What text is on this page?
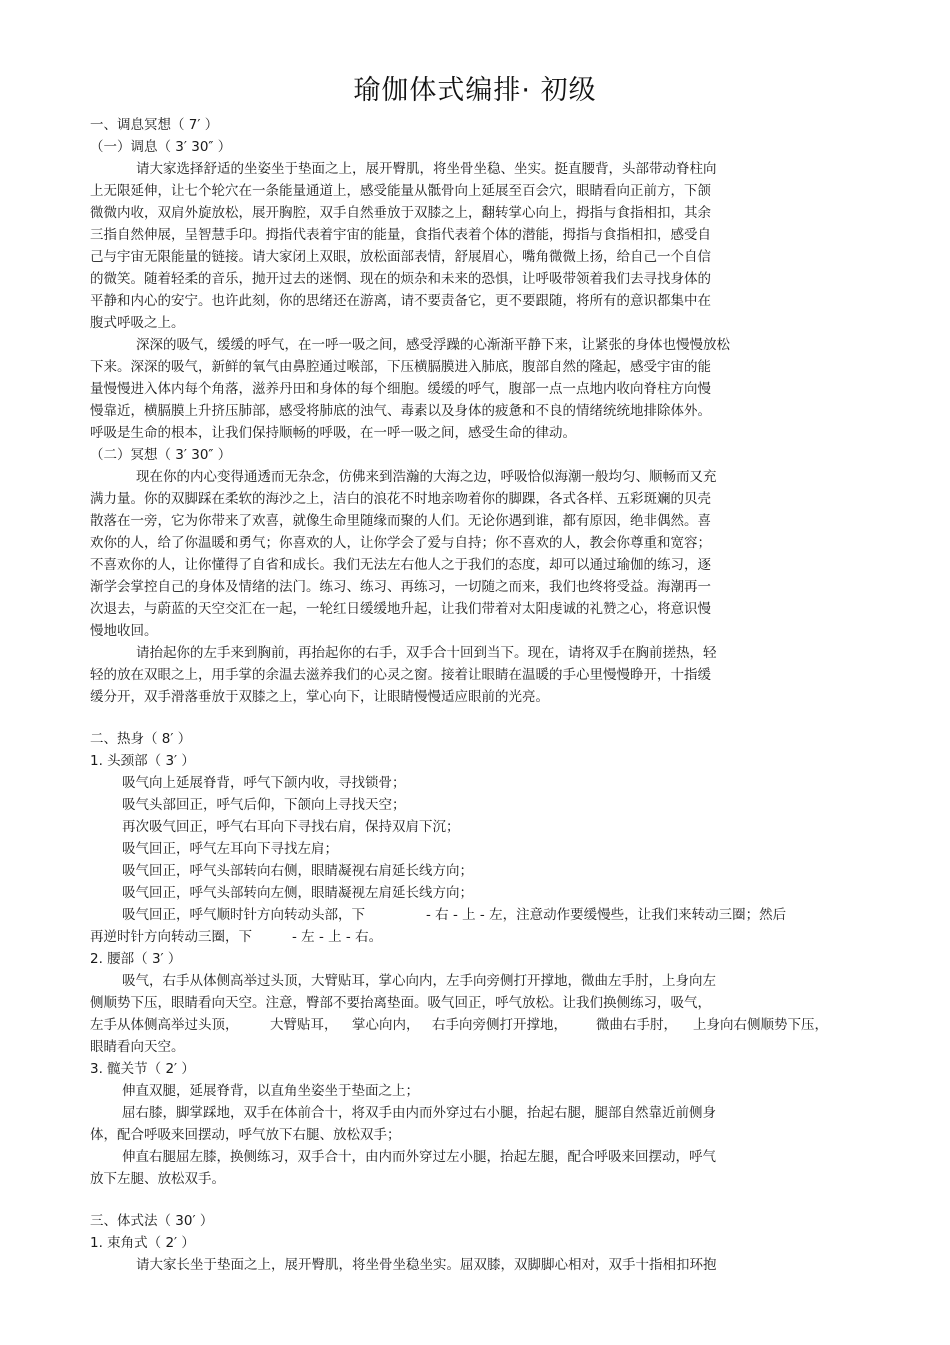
瑜伽体式编排· 初级
一、调息冥想（ 7′ ）
（一）调息（ 3′ 30″ ）
请大家选择舒适的坐姿坐于垫面之上，展开臀肌，将坐骨坐稳、坐实。挺直腰背，头部带动脊柱向
上无限延伸，让七个轮穴在一条能量通道上，感受能量从骶骨向上延展至百会穴，眼睛看向正前方，下颌
微微内收，双肩外旋放松，展开胸腔，双手自然垂放于双膝之上，翻转掌心向上，拇指与食指相扣，其余
三指自然伸展，呈智慧手印。拇指代表着宇宙的能量，食指代表着个体的潜能，拇指与食指相扣，感受自
己与宇宙无限能量的链接。请大家闭上双眼，放松面部表情，舒展眉心，嘴角微微上扬，给自己一个自信
的微笑。随着轻柔的音乐，抛开过去的迷惘、现在的烦杂和未来的恐惧，让呼吸带领着我们去寻找身体的
平静和内心的安宁。也许此刻，你的思绪还在游离，请不要责备它，更不要跟随，将所有的意识都集中在
腹式呼吸之上。
深深的吸气，缓缓的呼气，在一呼一吸之间，感受浮躁的心渐渐平静下来，让紧张的身体也慢慢放松
下来。深深的吸气，新鲜的氧气由鼻腔通过喉部，下压横膈膜进入肺底，腹部自然的隆起，感受宇宙的能
量慢慢进入体内每个角落，滋养丹田和身体的每个细胞。缓缓的呼气，腹部一点一点地内收向脊柱方向慢
慢靠近，横膈膜上升挤压肺部，感受将肺底的浊气、毒素以及身体的疲惫和不良的情绪统统地排除体外。
呼吸是生命的根本，让我们保持顺畅的呼吸，在一呼一吸之间，感受生命的律动。
（二）冥想（ 3′ 30″ ）
现在你的内心变得通透而无杂念，仿佛来到浩瀚的大海之边，呼吸恰似海潮一般均匀、顺畅而又充
满力量。你的双脚踩在柔软的海沙之上，洁白的浪花不时地亲吻着你的脚踝，各式各样、五彩斑斓的贝壳
散落在一旁，它为你带来了欢喜，就像生命里随缘而聚的人们。无论你遇到谁，都有原因，绝非偶然。喜
欢你的人，给了你温暖和勇气；你喜欢的人，让你学会了爱与自持；你不喜欢的人，教会你尊重和宽容；
不喜欢你的人，让你懂得了自省和成长。我们无法左右他人之于我们的态度，却可以通过瑜伽的练习，逐
渐学会掌控自己的身体及情绪的法门。练习、练习、再练习，一切随之而来，我们也终将受益。海潮再一
次退去，与蔚蓝的天空交汇在一起，一轮红日缓缓地升起，让我们带着对太阳虔诚的礼赞之心，将意识慢
慢地收回。
请抬起你的左手来到胸前，再抬起你的右手，双手合十回到当下。现在，请将双手在胸前搓热，轻
轻的放在双眼之上，用手掌的余温去滋养我们的心灵之窗。接着让眼睛在温暖的手心里慢慢睁开，十指缓
缓分开，双手滑落垂放于双膝之上，掌心向下，让眼睛慢慢适应眼前的光亮。
二、热身（ 8′ ）
1. 头颈部（ 3′ ）
吸气向上延展脊背，呼气下颌内收，寻找锁骨；
吸气头部回正，呼气后仰，下颌向上寻找天空；
再次吸气回正，呼气右耳向下寻找右肩，保持双肩下沉；
吸气回正，呼气左耳向下寻找左肩；
吸气回正，呼气头部转向右侧，眼睛凝视右肩延长线方向；
吸气回正，呼气头部转向左侧，眼睛凝视左肩延长线方向；
吸气回正，呼气顺时针方向转动头部，下	- 右 - 上 - 左，注意动作要缓慢些，让我们来转动三圈；然后
再逆时针方向转动三圈，下	- 左 - 上 - 右。
2. 腰部（ 3′ ）
吸气，右手从体侧高举过头顶，大臂贴耳，掌心向内，左手向旁侧打开撑地，微曲左手肘，上身向左
侧顺势下压，眼睛看向天空。注意，臀部不要抬离垫面。吸气回正，呼气放松。让我们换侧练习，吸气，
左手从体侧高举过头顶， 大臂贴耳， 掌心向内， 右手向旁侧打开撑地， 微曲右手肘， 上身向右侧顺势下压，
眼睛看向天空。
3. 髋关节（ 2′ ）
伸直双腿，延展脊背，以直角坐姿坐于垫面之上；
屈右膝，脚掌踩地，双手在体前合十，将双手由内而外穿过右小腿，抬起右腿，腿部自然靠近前侧身
体，配合呼吸来回摆动，呼气放下右腿、放松双手；
伸直右腿屈左膝，换侧练习，双手合十，由内而外穿过左小腿，抬起左腿，配合呼吸来回摆动，呼气
放下左腿、放松双手。
三、体式法（ 30′ ）
1. 束角式（ 2′ ）
请大家长坐于垫面之上，展开臀肌，将坐骨坐稳坐实。屈双膝，双脚脚心相对，双手十指相扣环抱
